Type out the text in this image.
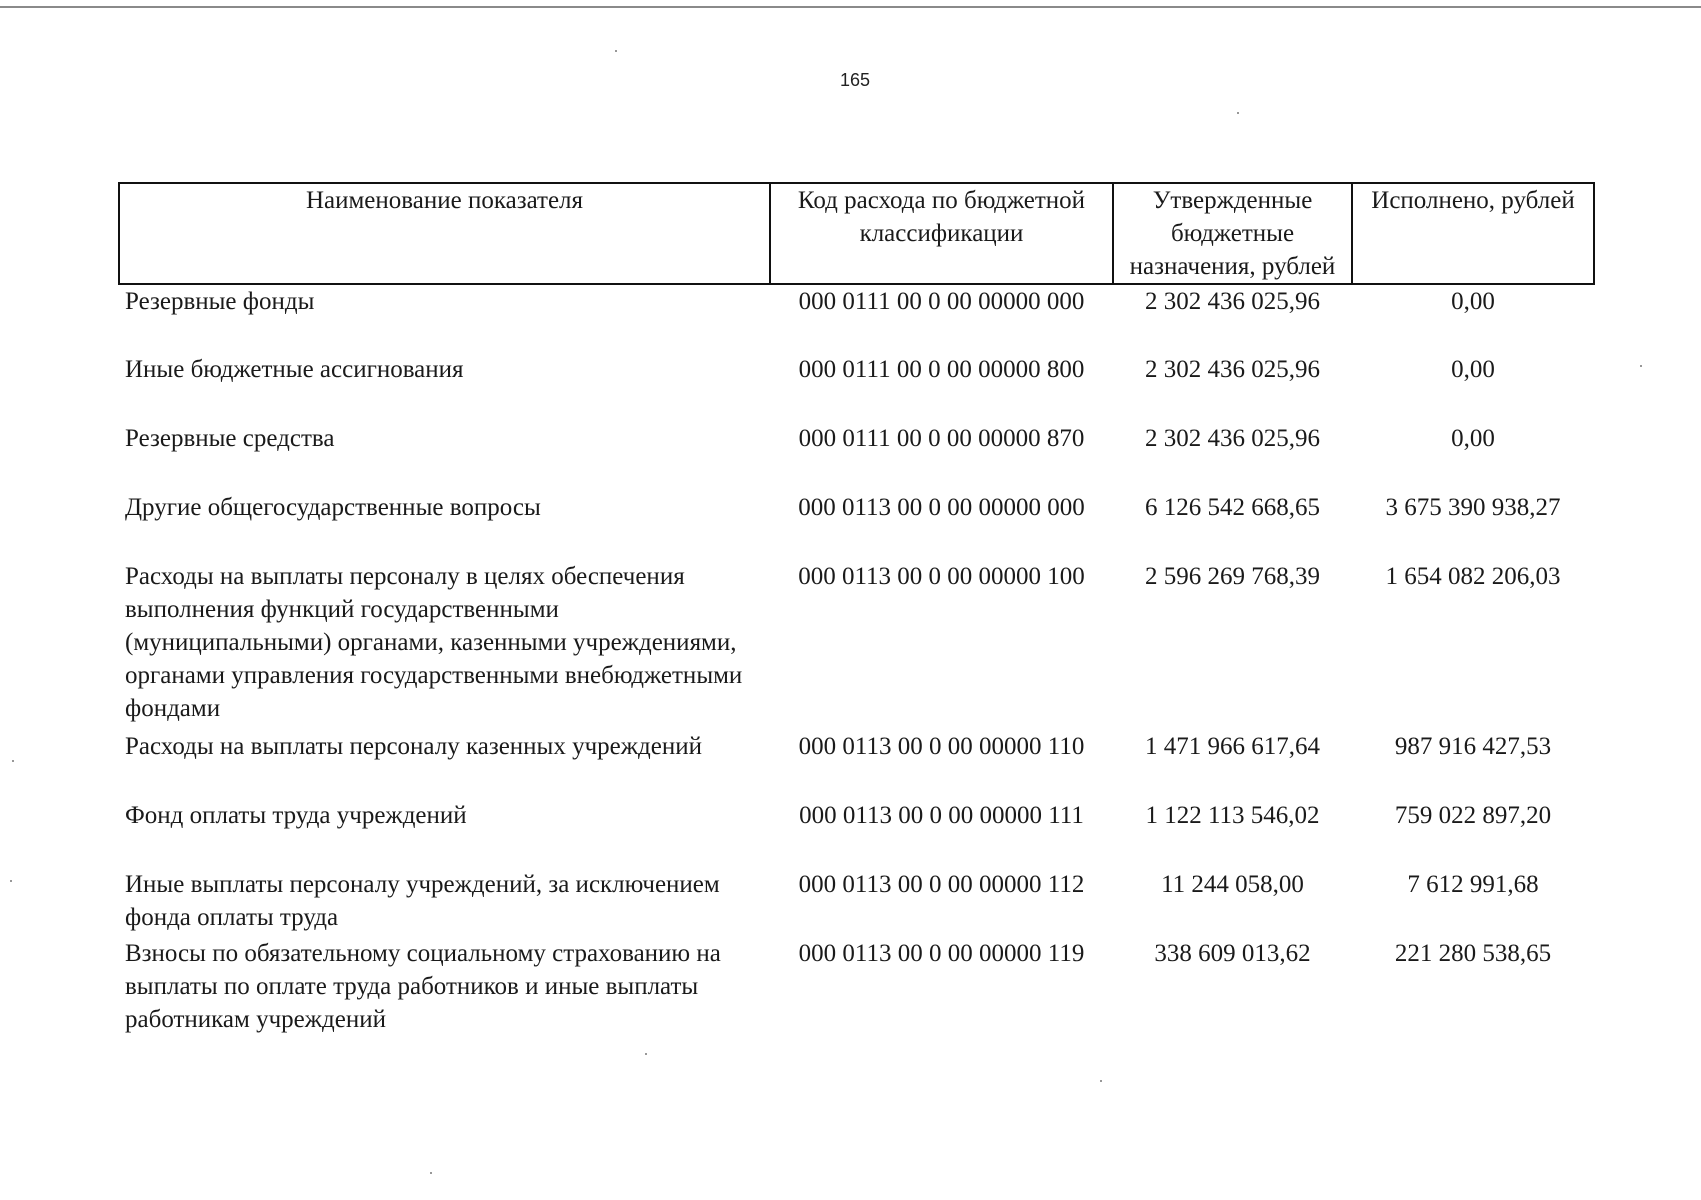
165
Наименование показателя	Код расхода по бюджетной классификации	Утвержденные бюджетные назначения, рублей	Исполнено, рублей
Резервные фонды	000 0111 00 0 00 00000 000	2 302 436 025,96	0,00
Иные бюджетные ассигнования	000 0111 00 0 00 00000 800	2 302 436 025,96	0,00
Резервные средства	000 0111 00 0 00 00000 870	2 302 436 025,96	0,00
Другие общегосударственные вопросы	000 0113 00 0 00 00000 000	6 126 542 668,65	3 675 390 938,27
Расходы на выплаты персоналу в целях обеспечения выполнения функций государственными (муниципальными) органами, казенными учреждениями, органами управления государственными внебюджетными фондами	000 0113 00 0 00 00000 100	2 596 269 768,39	1 654 082 206,03
Расходы на выплаты персоналу казенных учреждений	000 0113 00 0 00 00000 110	1 471 966 617,64	987 916 427,53
Фонд оплаты труда учреждений	000 0113 00 0 00 00000 111	1 122 113 546,02	759 022 897,20
Иные выплаты персоналу учреждений, за исключением фонда оплаты труда	000 0113 00 0 00 00000 112	11 244 058,00	7 612 991,68
Взносы по обязательному социальному страхованию на выплаты по оплате труда работников и иные выплаты работникам учреждений	000 0113 00 0 00 00000 119	338 609 013,62	221 280 538,65
